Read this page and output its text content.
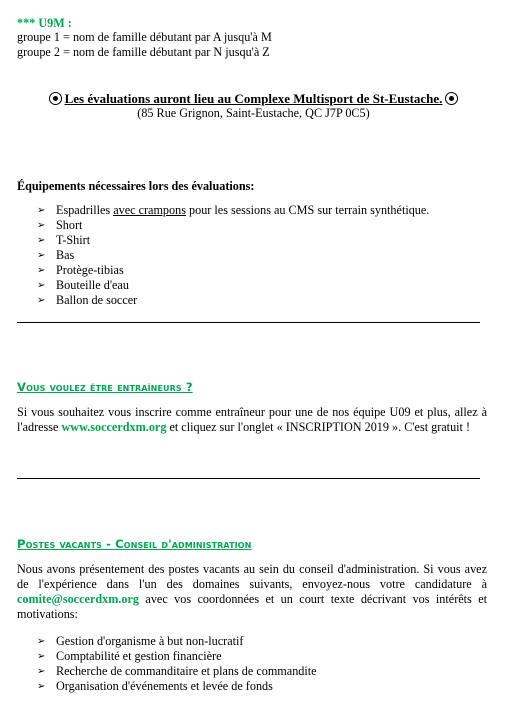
*** U9M :
groupe 1 = nom de famille débutant par A jusqu'à M
groupe 2 = nom de famille débutant par N jusqu'à Z
Les évaluations auront lieu au Complexe Multisport de St-Eustache.
(85 Rue Grignon, Saint-Eustache, QC J7P 0C5)
Équipements nécessaires lors des évaluations:
➢ Espadrilles avec crampons pour les sessions au CMS sur terrain synthétique.
➢ Short
➢ T-Shirt
➢ Bas
➢ Protège-tibias
➢ Bouteille d'eau
➢ Ballon de soccer
Vous voulez être entraîneurs ?
Si vous souhaitez vous inscrire comme entraîneur pour une de nos équipe U09 et plus, allez à l'adresse www.soccerdxm.org et cliquez sur l'onglet « INSCRIPTION 2019 ». C'est gratuit !
Postes vacants - Conseil d'administration
Nous avons présentement des postes vacants au sein du conseil d'administration. Si vous avez de l'expérience dans l'un des domaines suivants, envoyez-nous votre candidature à comite@soccerdxm.org avec vos coordonnées et un court texte décrivant vos intérêts et motivations:
➢ Gestion d'organisme à but non-lucratif
➢ Comptabilité et gestion financière
➢ Recherche de commanditaire et plans de commandite
➢ Organisation d'événements et levée de fonds
